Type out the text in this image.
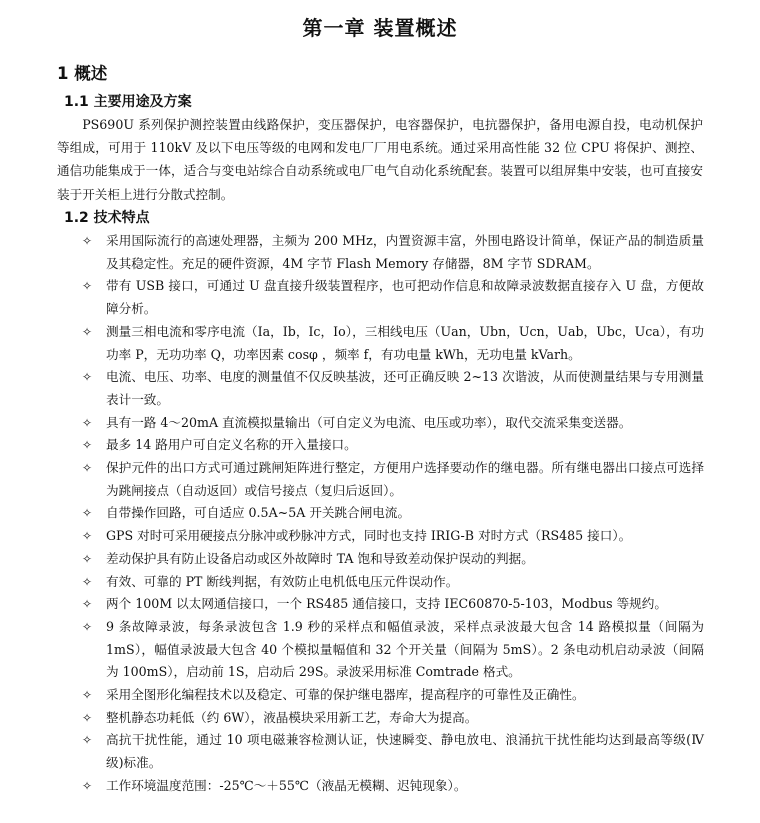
第一章 装置概述
1 概述
1.1 主要用途及方案

PS690U 系列保护测控装置由线路保护，变压器保护，电容器保护，电抗器保护，备用电源自投，电动机保护等组成，可用于 110kV 及以下电压等级的电网和发电厂厂用电系统。通过采用高性能 32 位 CPU 将保护、测控、通信功能集成于一体，适合与变电站综合自动系统或电厂电气自动化系统配套。装置可以组屏集中安装，也可直接安装于开关柜上进行分散式控制。

1.2 技术特点
✧ 采用国际流行的高速处理器，主频为 200 MHz，内置资源丰富，外围电路设计简单，保证产品的制造质量及其稳定性。充足的硬件资源，4M 字节 Flash Memory 存储器，8M 字节 SDRAM。
✧ 带有 USB 接口，可通过 U 盘直接升级装置程序，也可把动作信息和故障录波数据直接存入 U 盘，方便故障分析。
✧ 测量三相电流和零序电流（Ia，Ib，Ic，Io），三相线电压（Uan，Ubn，Ucn，Uab，Ubc，Uca），有功功率 P，无功功率 Q，功率因素 cosφ ，频率 f，有功电量 kWh，无功电量 kVarh。
✧ 电流、电压、功率、电度的测量值不仅反映基波，还可正确反映 2~13 次谐波，从而使测量结果与专用测量表计一致。
✧ 具有一路 4～20mA 直流模拟量输出（可自定义为电流、电压或功率），取代交流采集变送器。
✧ 最多 14 路用户可自定义名称的开入量接口。
✧ 保护元件的出口方式可通过跳闸矩阵进行整定，方便用户选择要动作的继电器。所有继电器出口接点可选择为跳闸接点（自动返回）或信号接点（复归后返回）。
✧ 自带操作回路，可自适应 0.5A~5A 开关跳合闸电流。
✧ GPS 对时可采用硬接点分脉冲或秒脉冲方式，同时也支持 IRIG-B 对时方式（RS485 接口）。
✧ 差动保护具有防止设备启动或区外故障时 TA 饱和导致差动保护误动的判据。
✧ 有效、可靠的 PT 断线判据，有效防止电机低电压元件误动作。
✧ 两个 100M 以太网通信接口，一个 RS485 通信接口，支持 IEC60870-5-103，Modbus 等规约。
✧ 9 条故障录波，每条录波包含 1.9 秒的采样点和幅值录波，采样点录波最大包含 14 路模拟量（间隔为 1mS），幅值录波最大包含 40 个模拟量幅值和 32 个开关量（间隔为 5mS）。2 条电动机启动录波（间隔为 100mS），启动前 1S，启动后 29S。录波采用标准 Comtrade 格式。
✧ 采用全图形化编程技术以及稳定、可靠的保护继电器库，提高程序的可靠性及正确性。
✧ 整机静态功耗低（约 6W），液晶模块采用新工艺，寿命大为提高。
✧ 高抗干扰性能，通过 10 项电磁兼容检测认证，快速瞬变、静电放电、浪涌抗干扰性能均达到最高等级(Ⅳ级)标准。
✧ 工作环境温度范围：-25℃～＋55℃（液晶无模糊、迟钝现象）。
